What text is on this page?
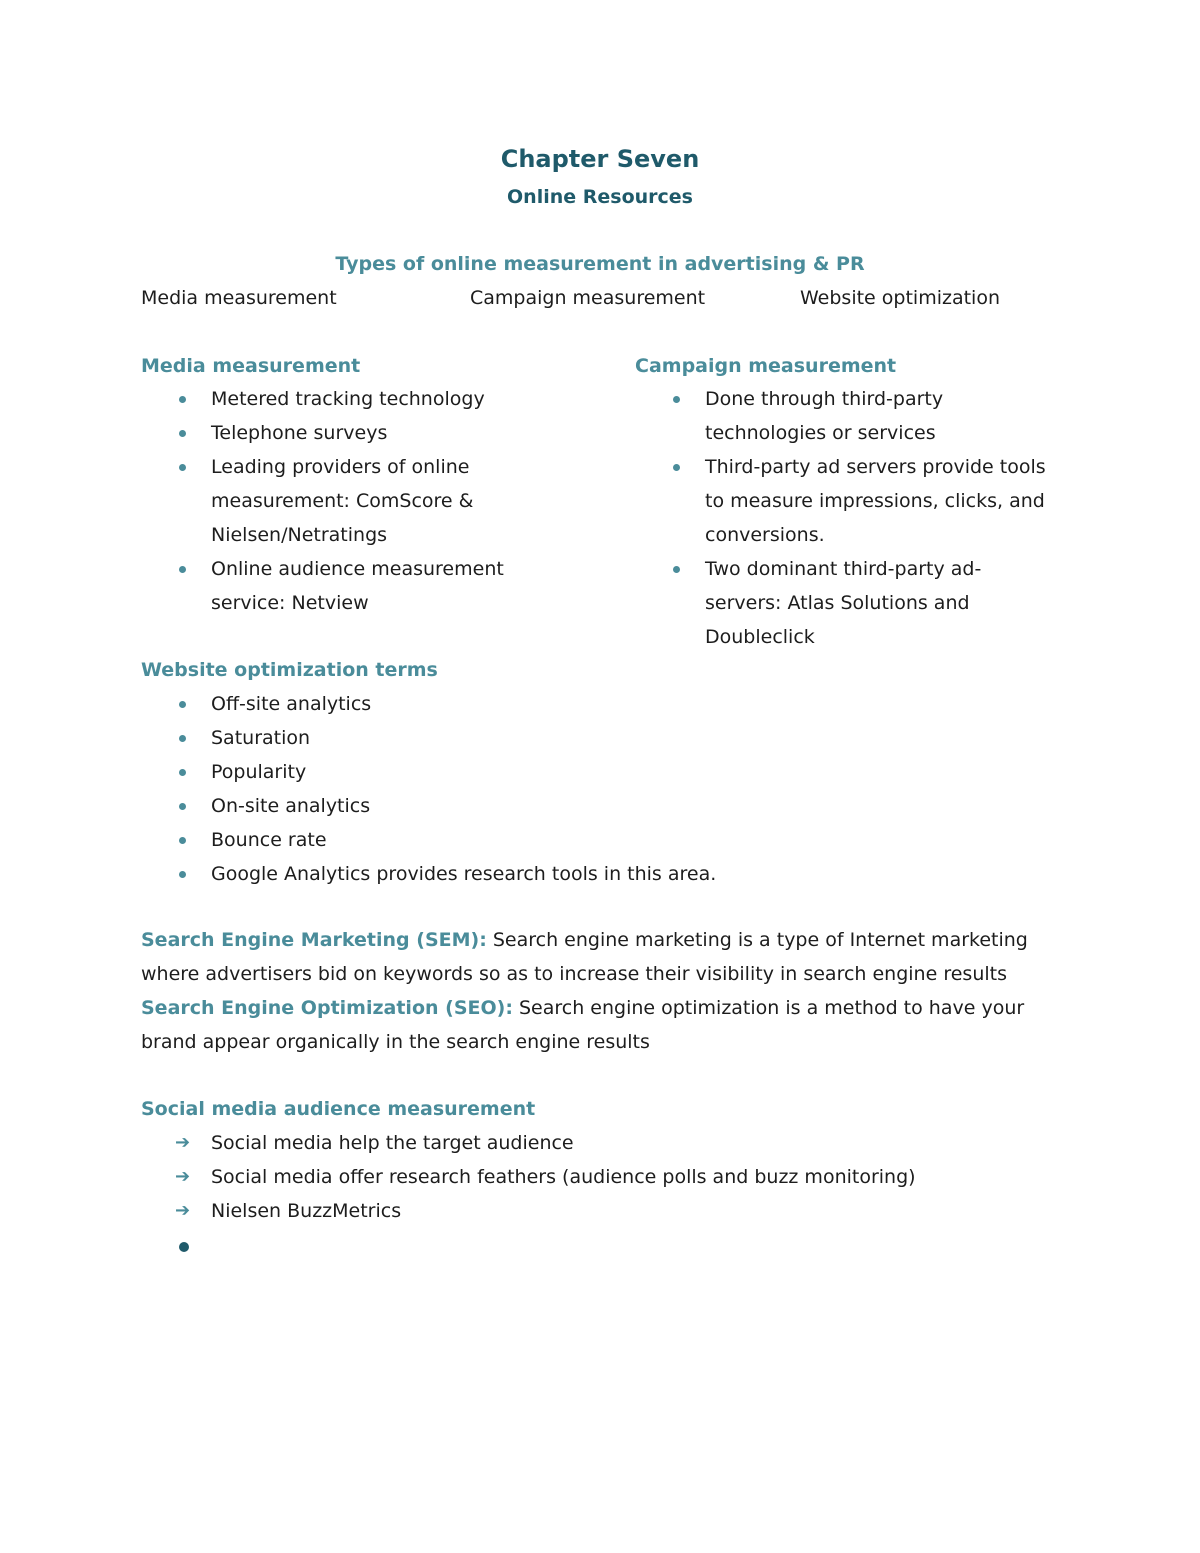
Chapter Seven
Online Resources
Types of online measurement in advertising & PR
Media measurement	Campaign measurement	Website optimization
Media measurement
Metered tracking technology
Telephone surveys
Leading providers of online measurement: ComScore & Nielsen/Netratings
Online audience measurement service: Netview
Campaign measurement
Done through third-party technologies or services
Third-party ad servers provide tools to measure impressions, clicks, and conversions.
Two dominant third-party ad-servers: Atlas Solutions and Doubleclick
Website optimization terms
Off-site analytics
Saturation
Popularity
On-site analytics
Bounce rate
Google Analytics provides research tools in this area.
Search Engine Marketing (SEM): Search engine marketing is a type of Internet marketing where advertisers bid on keywords so as to increase their visibility in search engine results
Search Engine Optimization (SEO): Search engine optimization is a method to have your brand appear organically in the search engine results
Social media audience measurement
➔ Social media help the target audience
➔ Social media offer research feathers (audience polls and buzz monitoring)
➔ Nielsen BuzzMetrics
